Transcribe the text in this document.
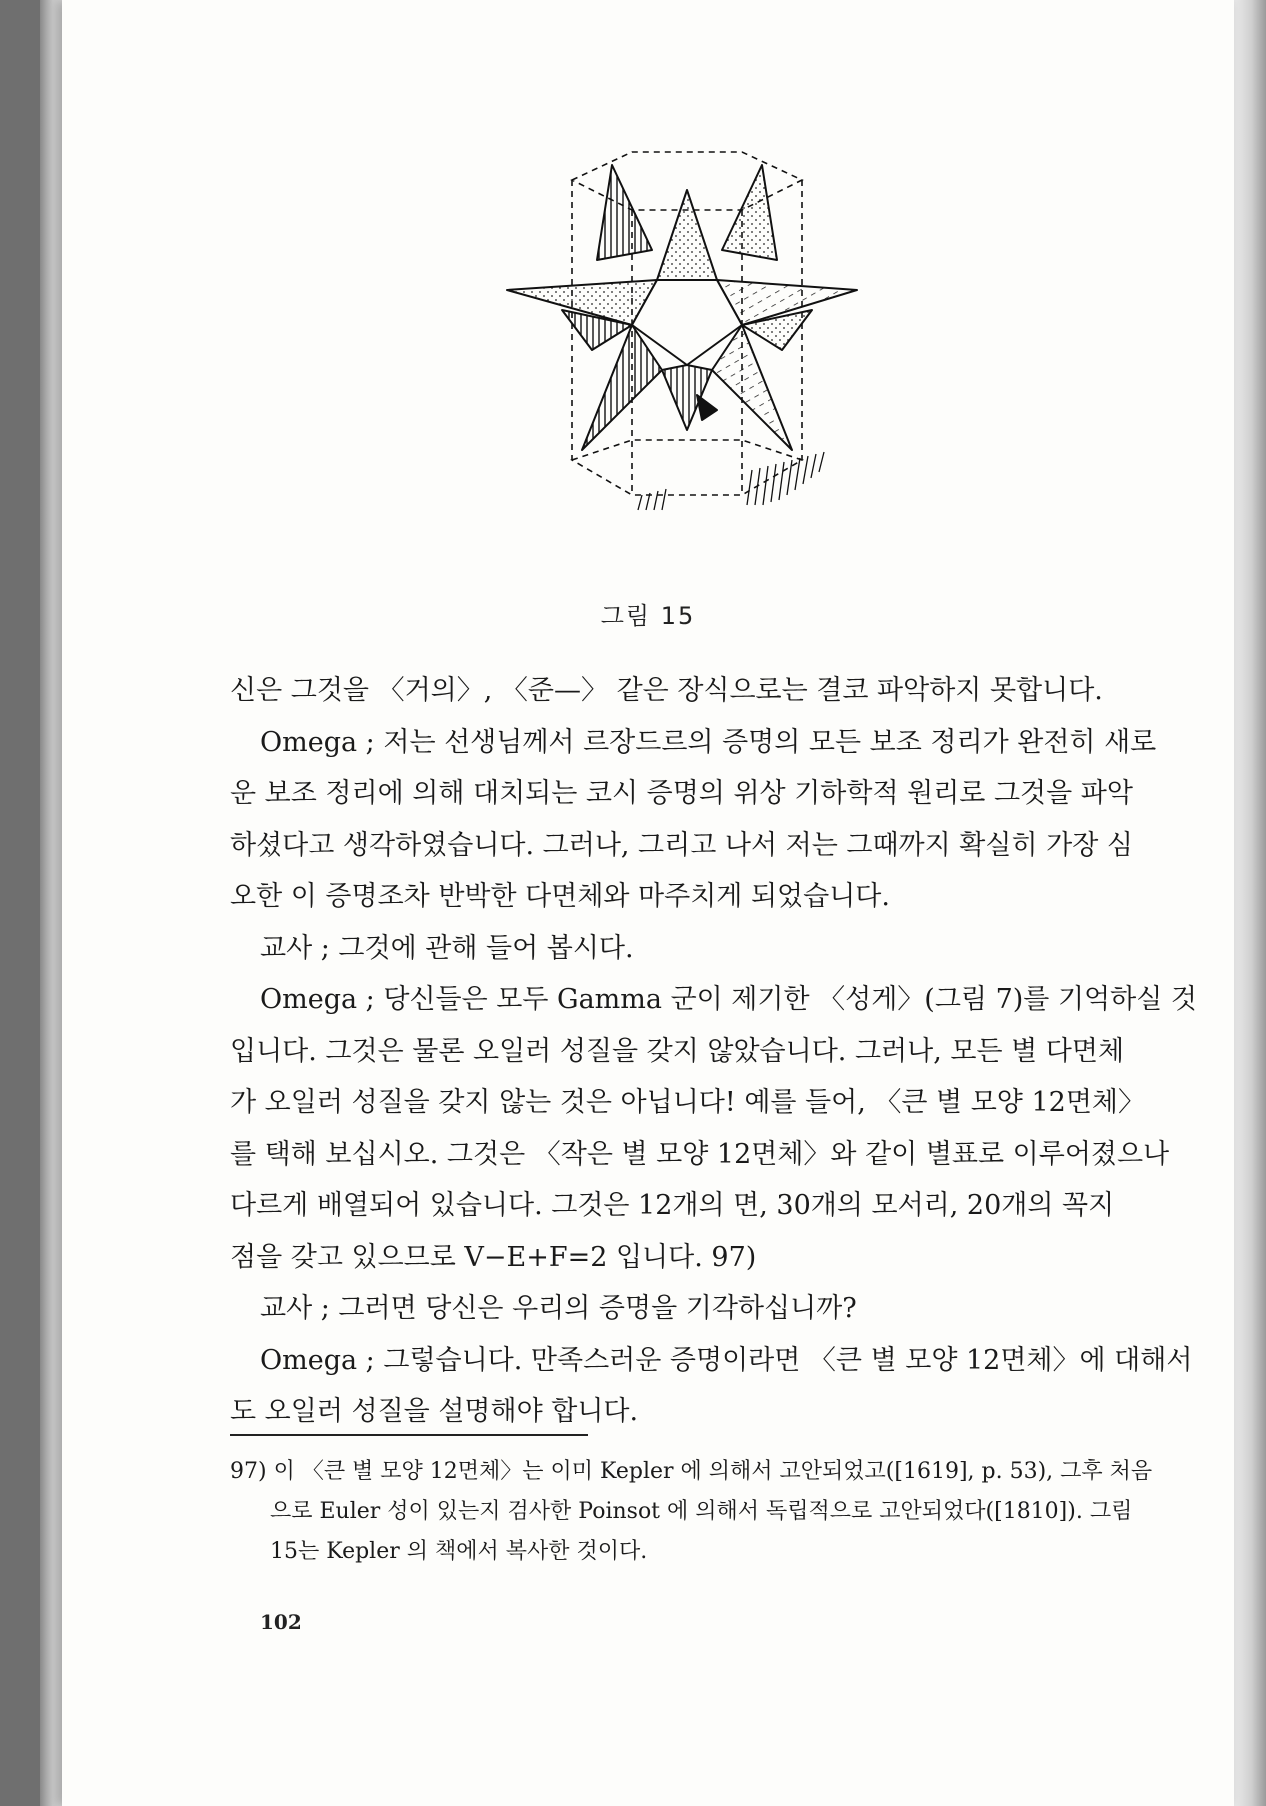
그림 15
신은 그것을 〈거의〉, 〈준—〉 같은 장식으로는 결코 파악하지 못합니다.
Omega ; 저는 선생님께서 르장드르의 증명의 모든 보조 정리가 완전히 새로
운 보조 정리에 의해 대치되는 코시 증명의 위상 기하학적 원리로 그것을 파악
하셨다고 생각하였습니다. 그러나, 그리고 나서 저는 그때까지 확실히 가장 심
오한 이 증명조차 반박한 다면체와 마주치게 되었습니다.
교사 ; 그것에 관해 들어 봅시다.
Omega ; 당신들은 모두 Gamma 군이 제기한 〈성게〉(그림 7)를 기억하실 것
입니다. 그것은 물론 오일러 성질을 갖지 않았습니다. 그러나, 모든 별 다면체
가 오일러 성질을 갖지 않는 것은 아닙니다! 예를 들어, 〈큰 별 모양 12면체〉
를 택해 보십시오. 그것은 〈작은 별 모양 12면체〉와 같이 별표로 이루어졌으나
다르게 배열되어 있습니다. 그것은 12개의 면, 30개의 모서리, 20개의 꼭지
점을 갖고 있으므로 V−E+F=2 입니다. 97)
교사 ; 그러면 당신은 우리의 증명을 기각하십니까?
Omega ; 그렇습니다. 만족스러운 증명이라면 〈큰 별 모양 12면체〉에 대해서
도 오일러 성질을 설명해야 합니다.
97) 이 〈큰 별 모양 12면체〉는 이미 Kepler 에 의해서 고안되었고([1619], p. 53), 그후 처음
으로 Euler 성이 있는지 검사한 Poinsot 에 의해서 독립적으로 고안되었다([1810]). 그림
15는 Kepler 의 책에서 복사한 것이다.
102
